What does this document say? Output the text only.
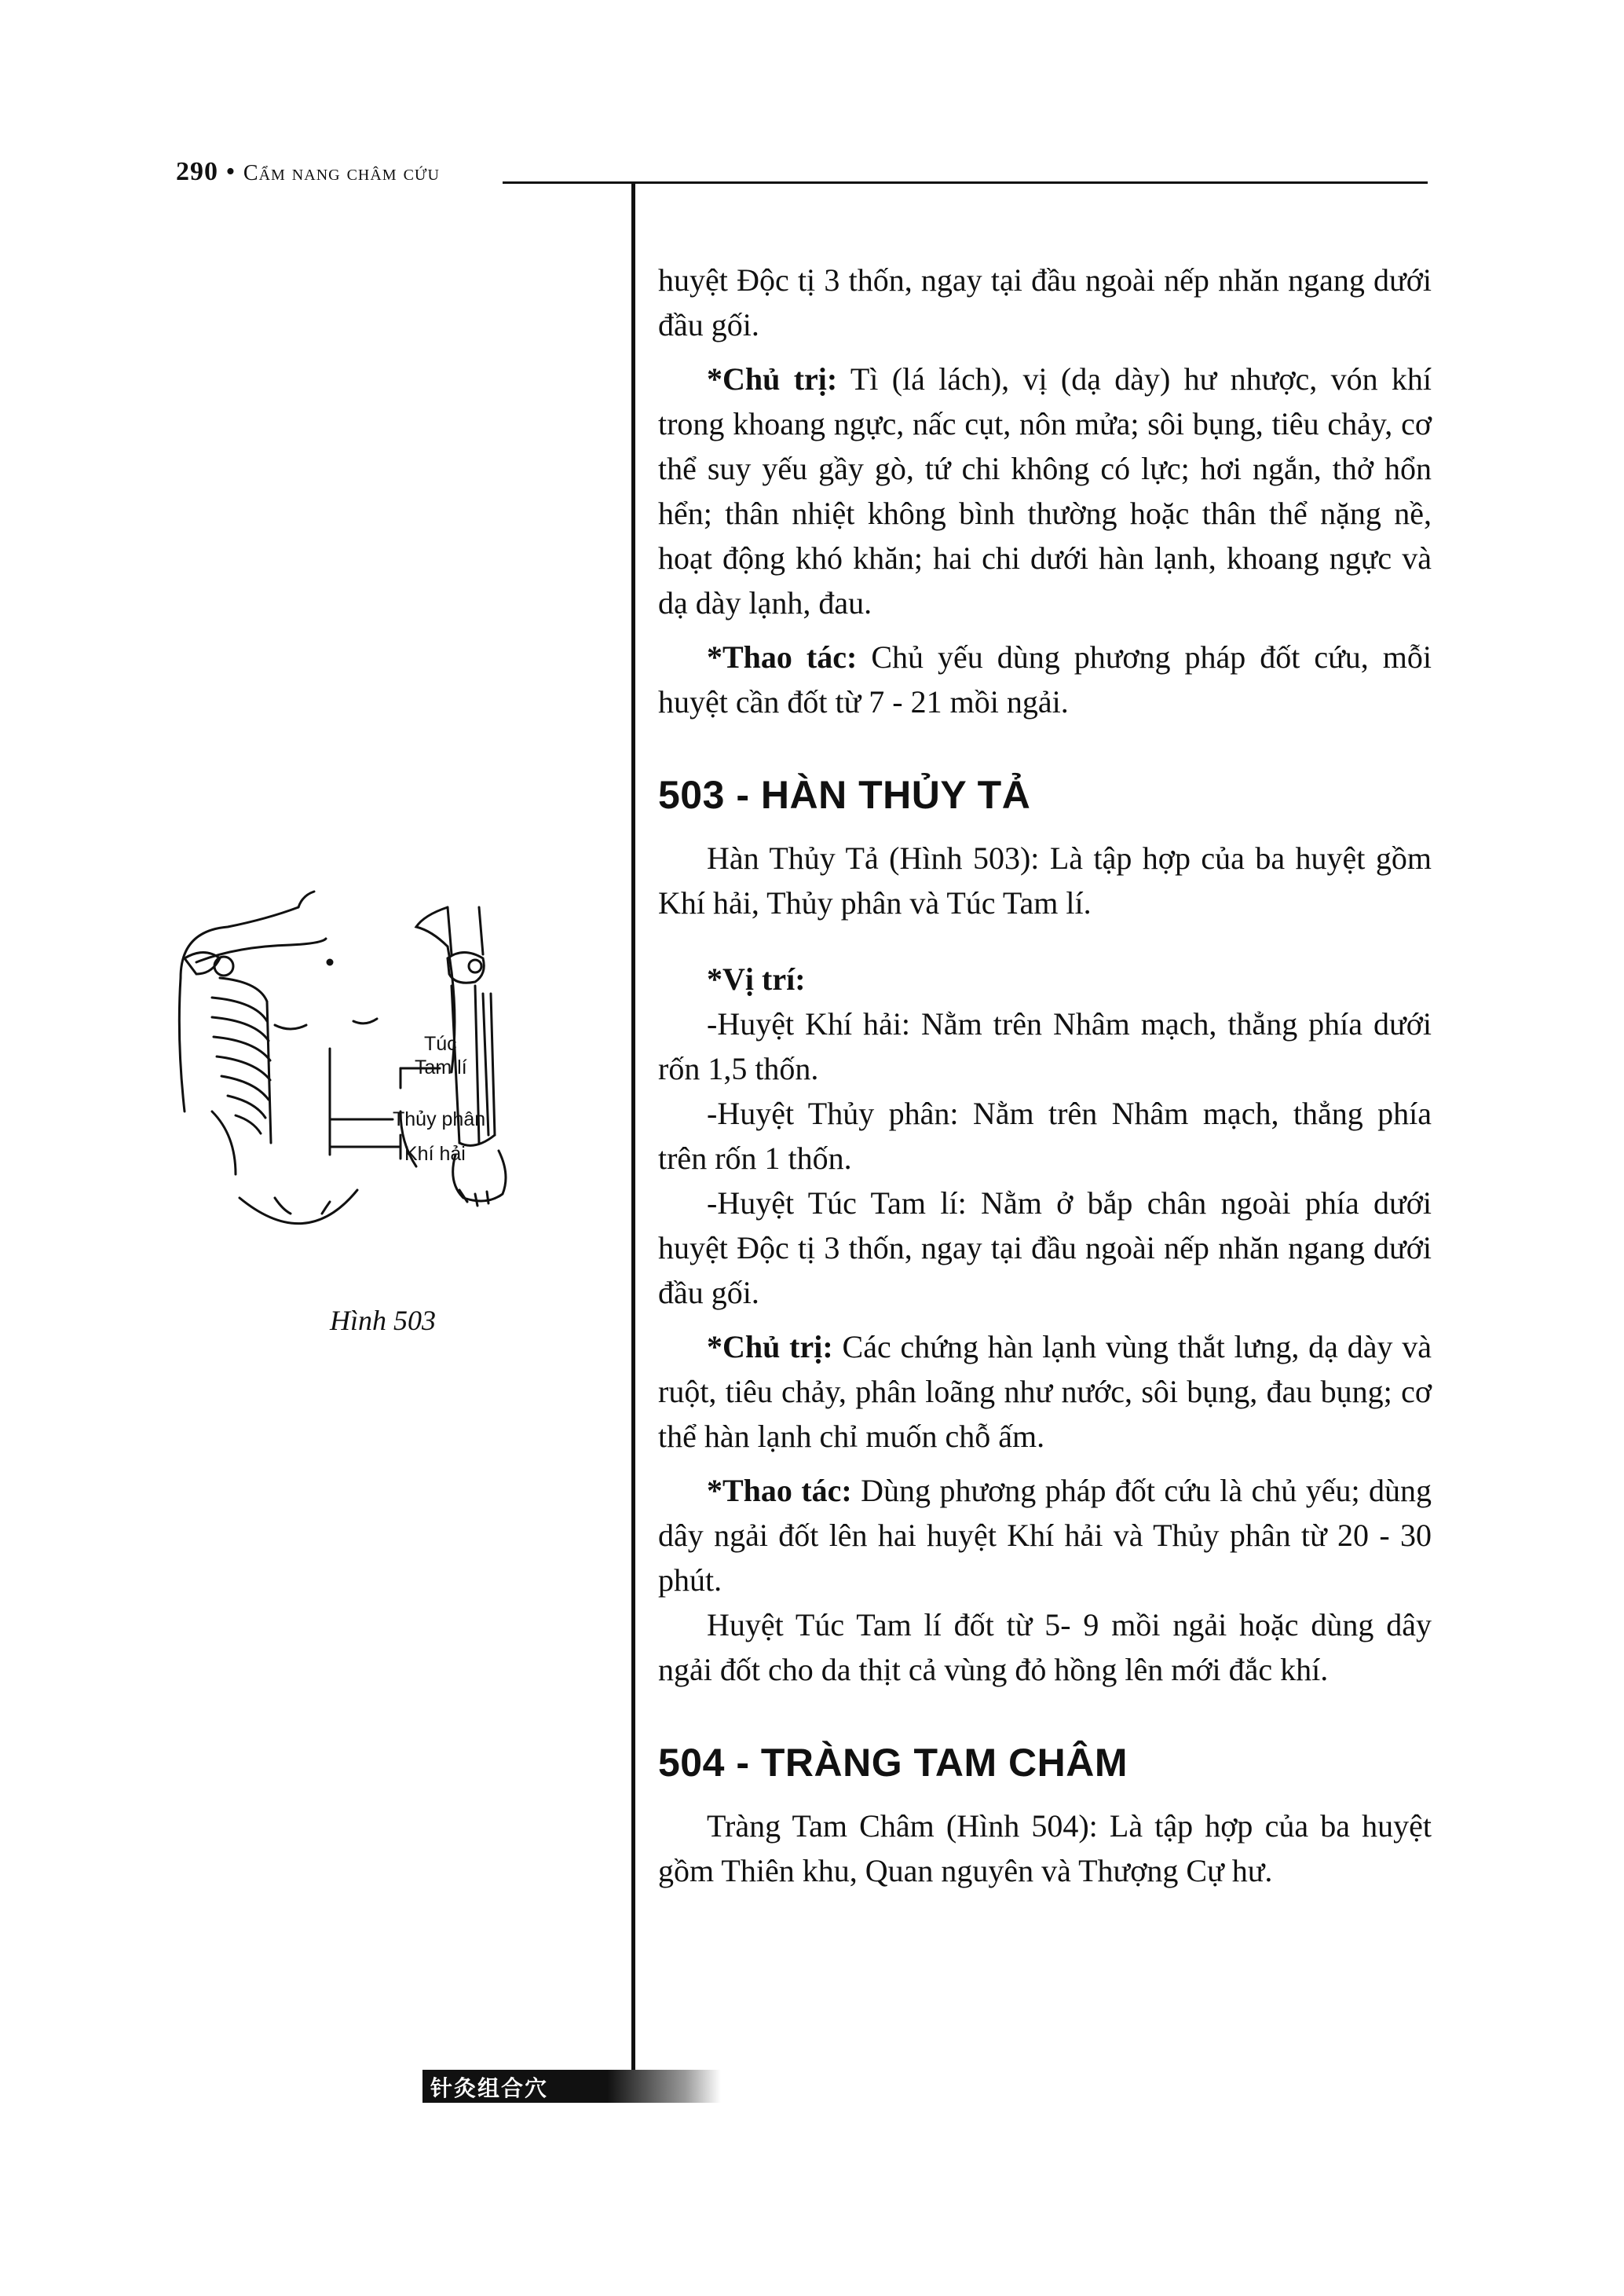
290 • Cẩm nang châm cứu
Túc
Tam lí
Thủy phân
Khí hải
Hình 503

huyệt Độc tị 3 thốn, ngay tại đầu ngoài nếp nhăn ngang dưới đầu gối.

*Chủ trị: Tì (lá lách), vị (dạ dày) hư nhược, vón khí trong khoang ngực, nấc cụt, nôn mửa; sôi bụng, tiêu chảy, cơ thể suy yếu gầy gò, tứ chi không có lực; hơi ngắn, thở hổn hển; thân nhiệt không bình thường hoặc thân thể nặng nề, hoạt động khó khăn; hai chi dưới hàn lạnh, khoang ngực và dạ dày lạnh, đau.

*Thao tác: Chủ yếu dùng phương pháp đốt cứu, mỗi huyệt cần đốt từ 7 - 21 mồi ngải.

503 - HÀN THỦY TẢ

Hàn Thủy Tả (Hình 503): Là tập hợp của ba huyệt gồm Khí hải, Thủy phân và Túc Tam lí.

*Vị trí:

-Huyệt Khí hải: Nằm trên Nhâm mạch, thẳng phía dưới rốn 1,5 thốn.

-Huyệt Thủy phân: Nằm trên Nhâm mạch, thẳng phía trên rốn 1 thốn.

-Huyệt Túc Tam lí: Nằm ở bắp chân ngoài phía dưới huyệt Độc tị 3 thốn, ngay tại đầu ngoài nếp nhăn ngang dưới đầu gối.

*Chủ trị: Các chứng hàn lạnh vùng thắt lưng, dạ dày và ruột, tiêu chảy, phân loãng như nước, sôi bụng, đau bụng; cơ thể hàn lạnh chỉ muốn chỗ ấm.

*Thao tác: Dùng phương pháp đốt cứu là chủ yếu; dùng dây ngải đốt lên hai huyệt Khí hải và Thủy phân từ 20 - 30 phút.

Huyệt Túc Tam lí đốt từ 5- 9 mồi ngải hoặc dùng dây ngải đốt cho da thịt cả vùng đỏ hồng lên mới đắc khí.

504 - TRÀNG TAM CHÂM

Tràng Tam Châm (Hình 504): Là tập hợp của ba huyệt gồm Thiên khu, Quan nguyên và Thượng Cự hư.

针灸组合穴
